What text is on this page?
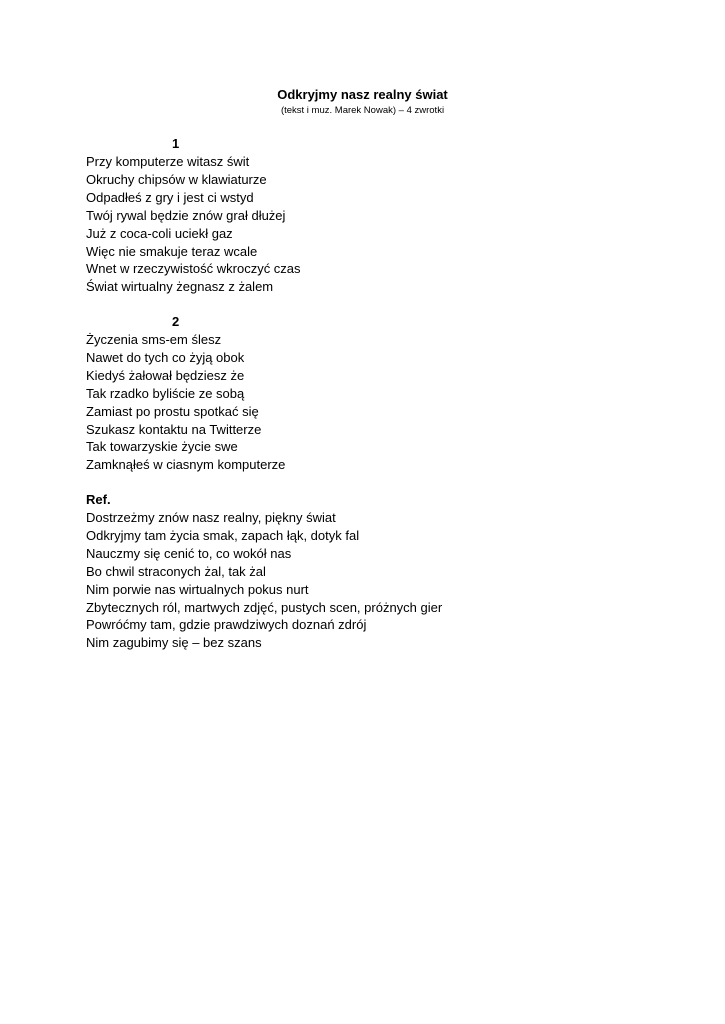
Odkryjmy nasz realny świat
(tekst i muz. Marek Nowak) – 4 zwrotki
1
Przy komputerze witasz świt
Okruchy chipsów w klawiaturze
Odpadłeś z gry i jest ci wstyd
Twój rywal będzie znów grał dłużej
Już z coca-coli uciekł gaz
Więc nie smakuje teraz wcale
Wnet w rzeczywistość wkroczyć czas
Świat wirtualny żegnasz z żalem
2
Życzenia sms-em ślesz
Nawet do tych co żyją obok
Kiedyś żałował będziesz że
Tak rzadko byliście ze sobą
Zamiast po prostu spotkać się
Szukasz kontaktu na Twitterze
Tak towarzyskie życie swe
Zamknąłeś w ciasnym komputerze
Ref.
Dostrzeżmy znów nasz realny, piękny świat
Odkryjmy tam życia smak, zapach łąk, dotyk fal
Nauczmy się cenić to, co wokół nas
Bo chwil straconych żal, tak żal
Nim porwie nas wirtualnych pokus nurt
Zbytecznych ról, martwych zdjęć, pustych scen, próżnych gier
Powróćmy tam, gdzie prawdziwych doznań zdrój
Nim zagubimy się – bez szans
